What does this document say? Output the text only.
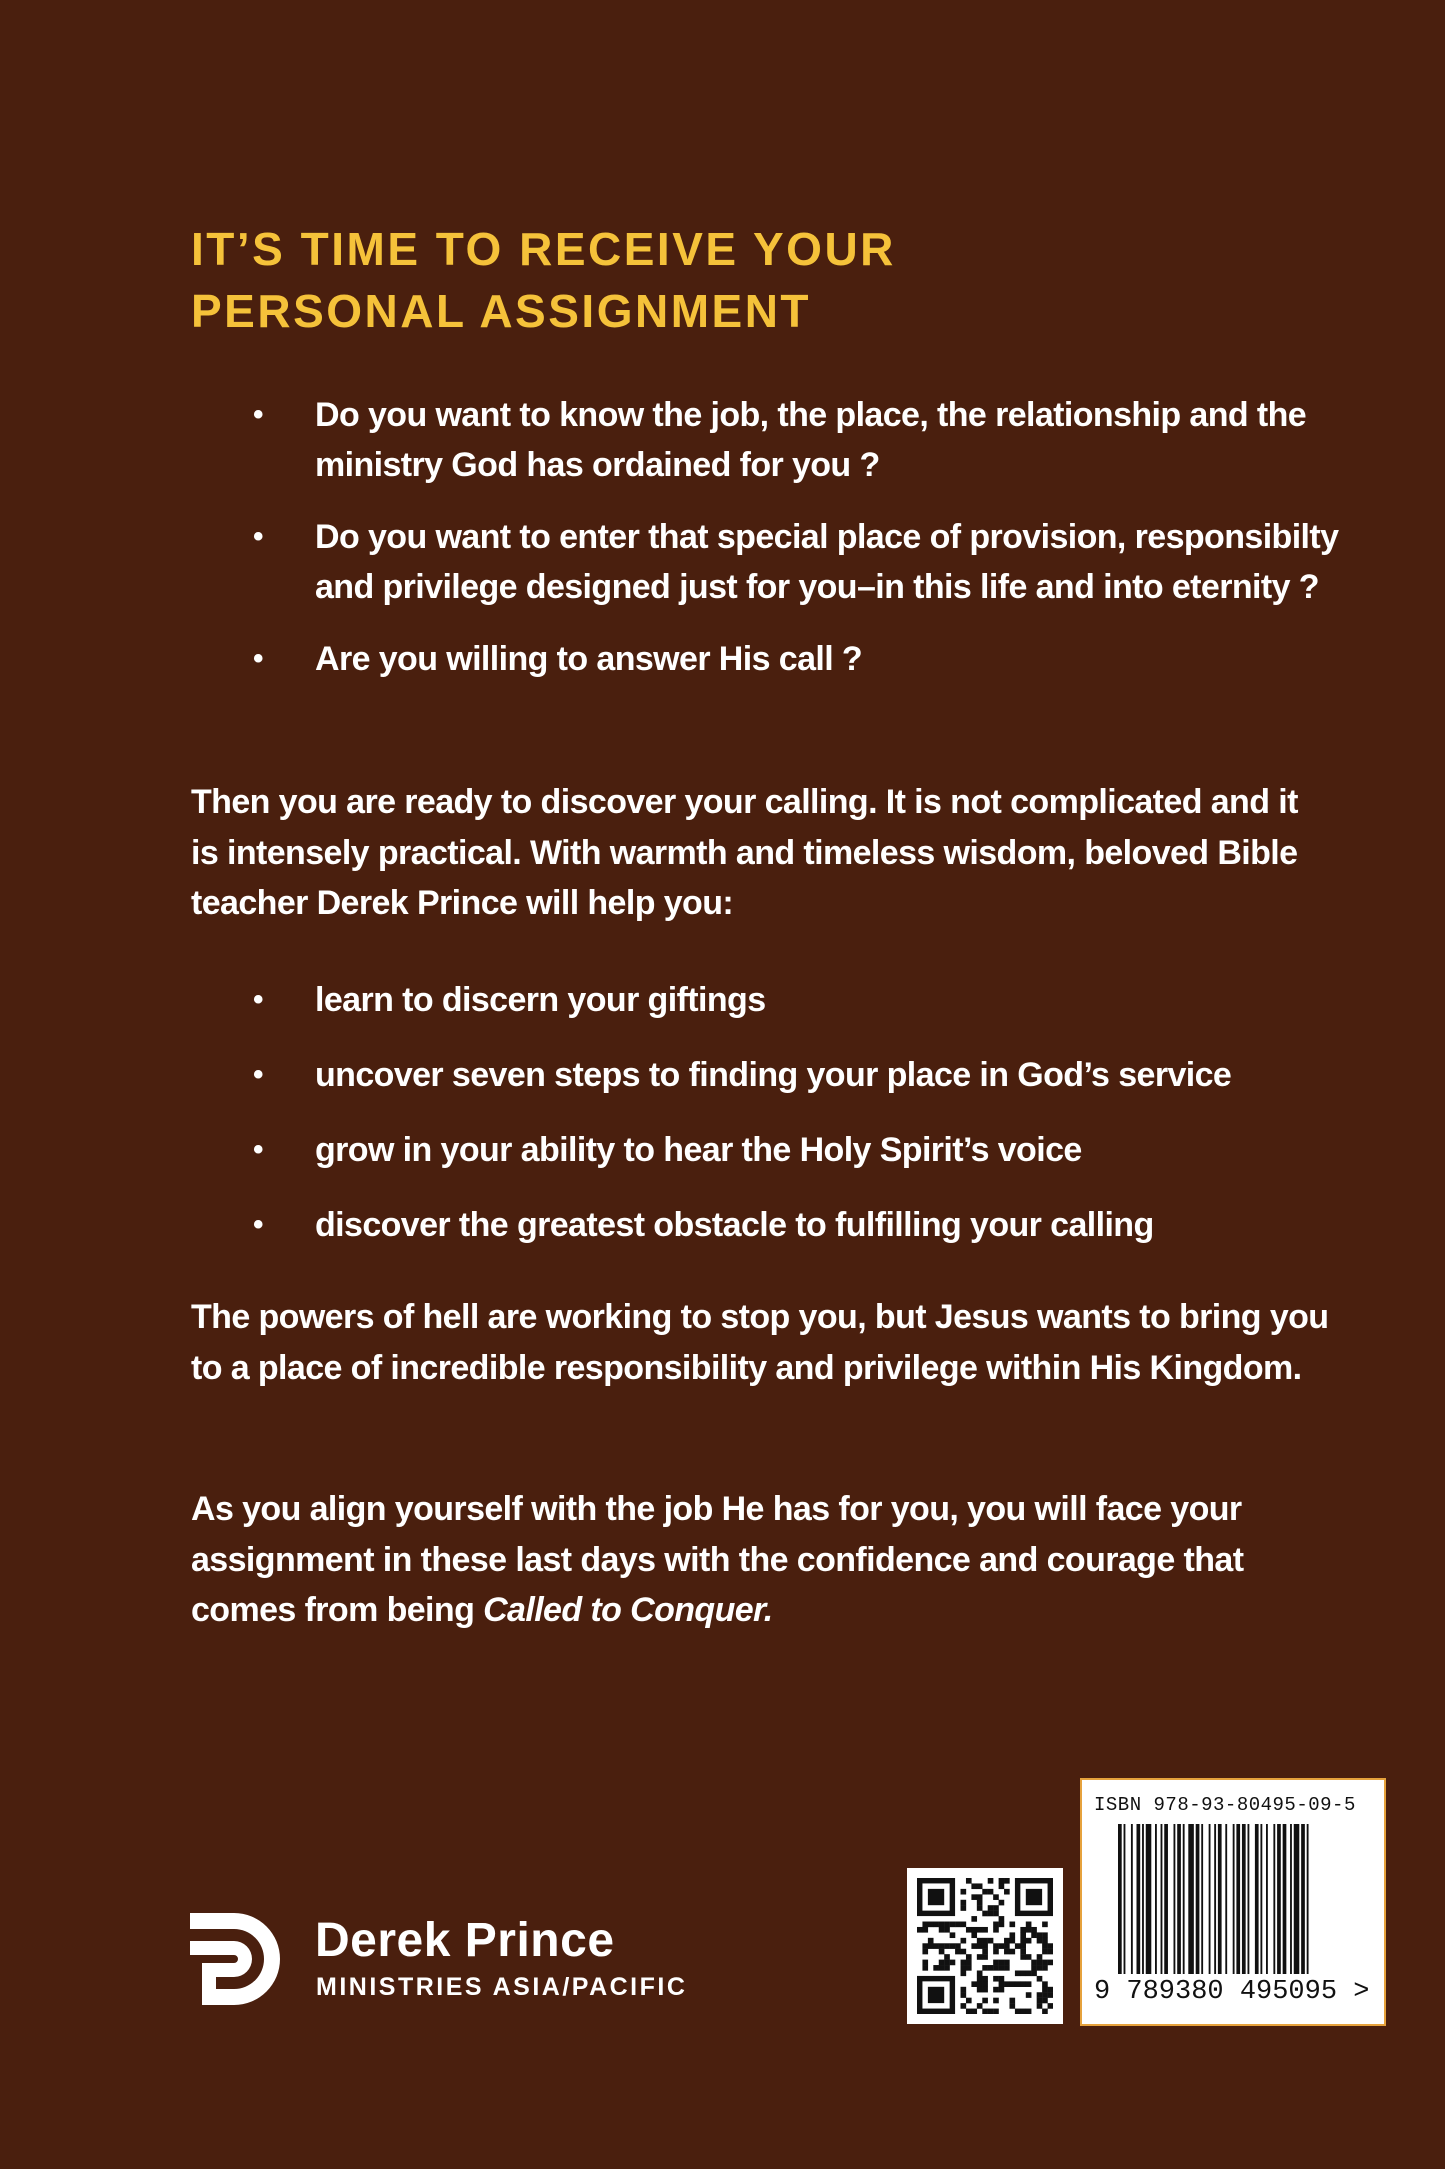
IT’S TIME TO RECEIVE YOUR
PERSONAL ASSIGNMENT
• Do you want to know the job, the place, the relationship and the ministry God has ordained for you ?
• Do you want to enter that special place of provision, responsibilty and privilege designed just for you–in this life and into eternity ?
• Are you willing to answer His call ?

Then you are ready to discover your calling. It is not complicated and it is intensely practical. With warmth and timeless wisdom, beloved Bible teacher Derek Prince will help you:

• learn to discern your giftings
• uncover seven steps to finding your place in God’s service
• grow in your ability to hear the Holy Spirit’s voice
• discover the greatest obstacle to fulfilling your calling

The powers of hell are working to stop you, but Jesus wants to bring you to a place of incredible responsibility and privilege within His Kingdom.

As you align yourself with the job He has for you, you will face your assignment in these last days with the confidence and courage that comes from being Called to Conquer.

Derek Prince
MINISTRIES ASIA/PACIFIC
ISBN 978-93-80495-09-5
9 789380 495095 >
